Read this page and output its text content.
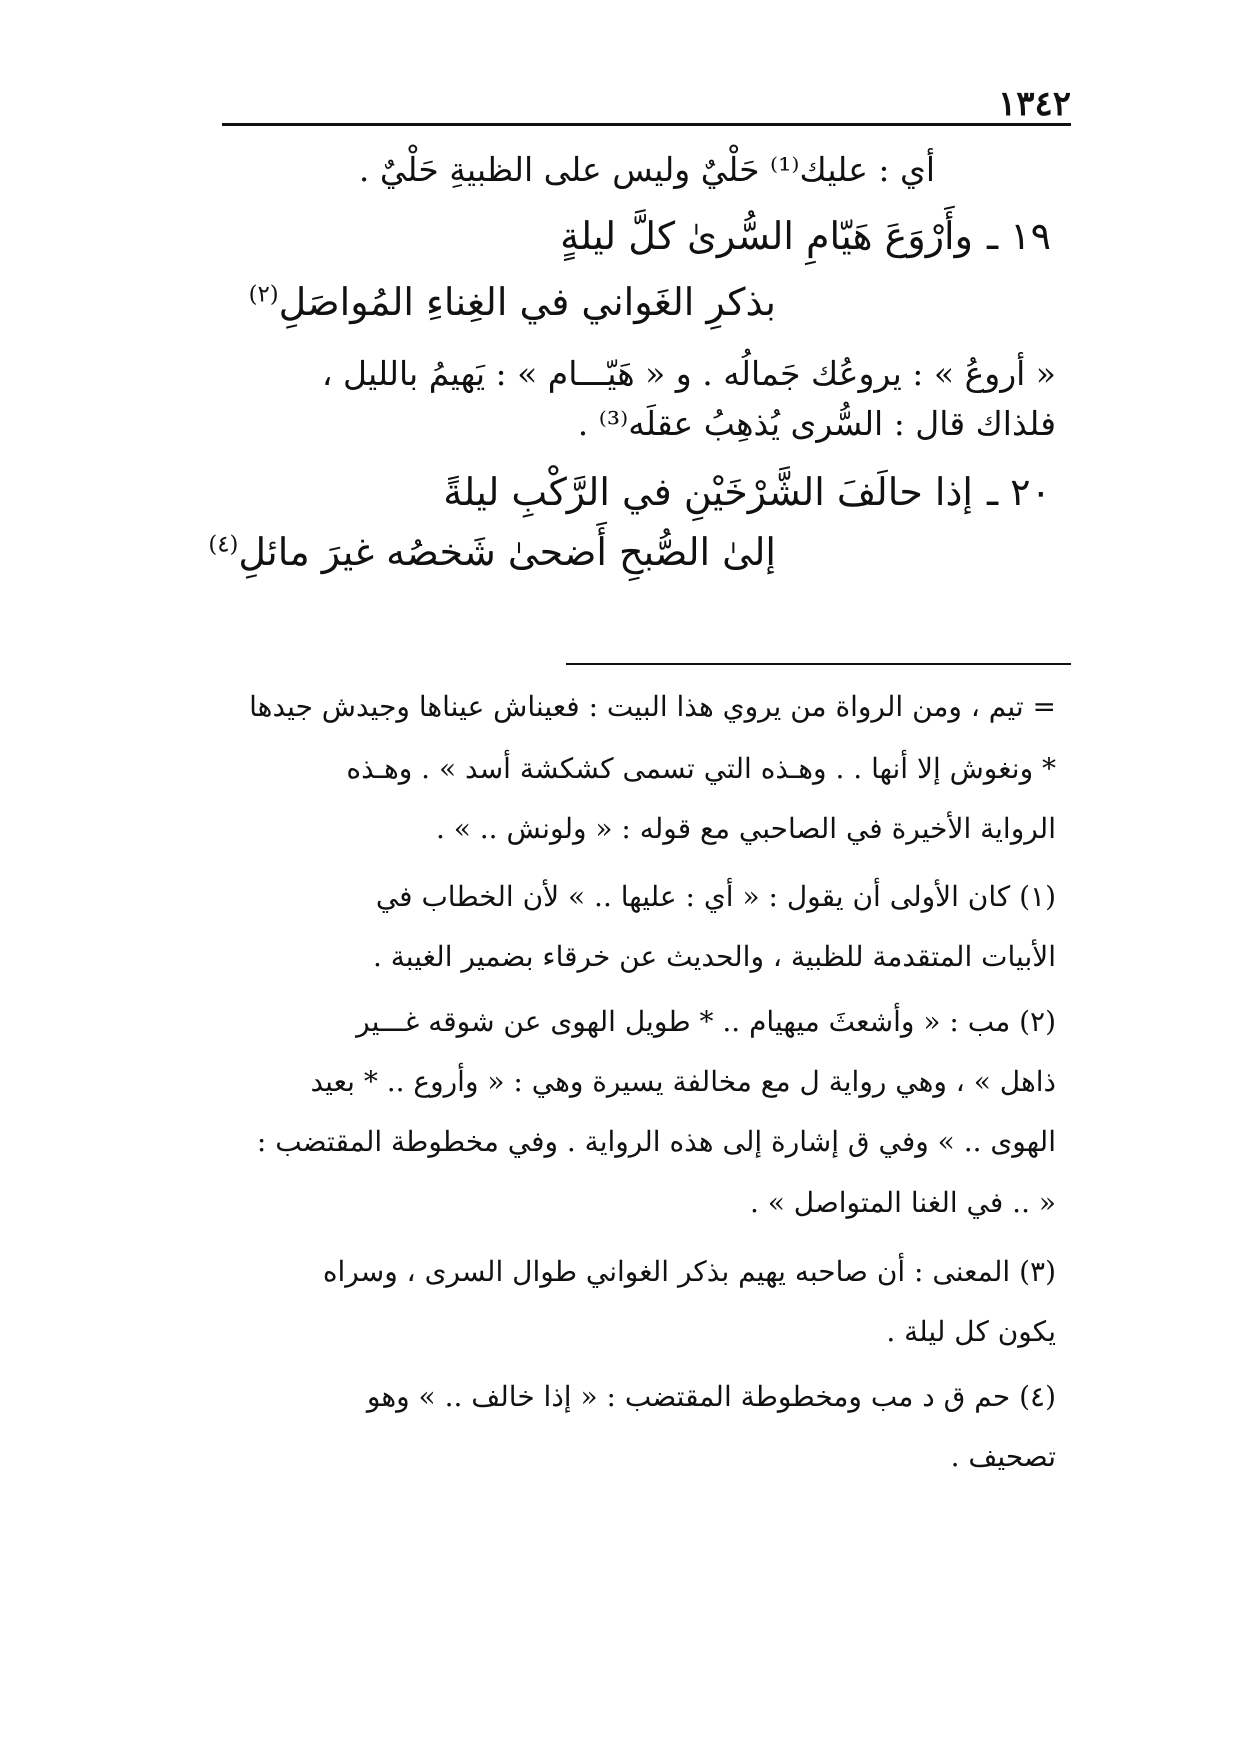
١٣٤٢
أي : عليك⁽¹⁾ حَلْيٌ وليس على الظبيةِ حَلْيٌ .
١٩ ـوأَرْوَعَ هَيّامِ السُّرىٰ كلَّ ليلةٍ
بذكرِ الغَواني في الغِناءِ المُواصَلِ$^{(٢)}$
« أروعُ » : يروعُك جَمالُه . و « هَيّـــام » : يَهيمُ بالليل ،
فلذاك قال : السُّرى يُذهِبُ عقلَه⁽³⁾ .
٢٠ ـإذا حالَفَ الشَّرْخَيْنِ في الرَّكْبِ ليلةً
إلىٰ الصُّبحِ أَضحىٰ شَخصُه غيرَ مائلِ$^{(٤)}$
= تيم ، ومن الرواة من يروي هذا البيت : فعيناش عيناها وجيدش جيدها
* ونغوش إلا أنها . . وهـذه التي تسمى كشكشة أسد » . وهـذه
الرواية الأخيرة في الصاحبي مع قوله : « ولونش .. » .
(١) كان الأولى أن يقول : « أي : عليها .. » لأن الخطاب في
الأبيات المتقدمة للظبية ، والحديث عن خرقاء بضمير الغيبة .
(٢) مب : « وأشعثَ ميهيام .. * طويل الهوى عن شوقه غـــير
ذاهل » ، وهي رواية ل مع مخالفة يسيرة وهي : « وأروع .. * بعيد
الهوى .. » وفي ق إشارة إلى هذه الرواية . وفي مخطوطة المقتضب :
« .. في الغنا المتواصل » .
(٣) المعنى : أن صاحبه يهيم بذكر الغواني طوال السرى ، وسراه
يكون كل ليلة .
(٤) حم ق د مب ومخطوطة المقتضب : « إذا خالف .. » وهو
تصحيف .
